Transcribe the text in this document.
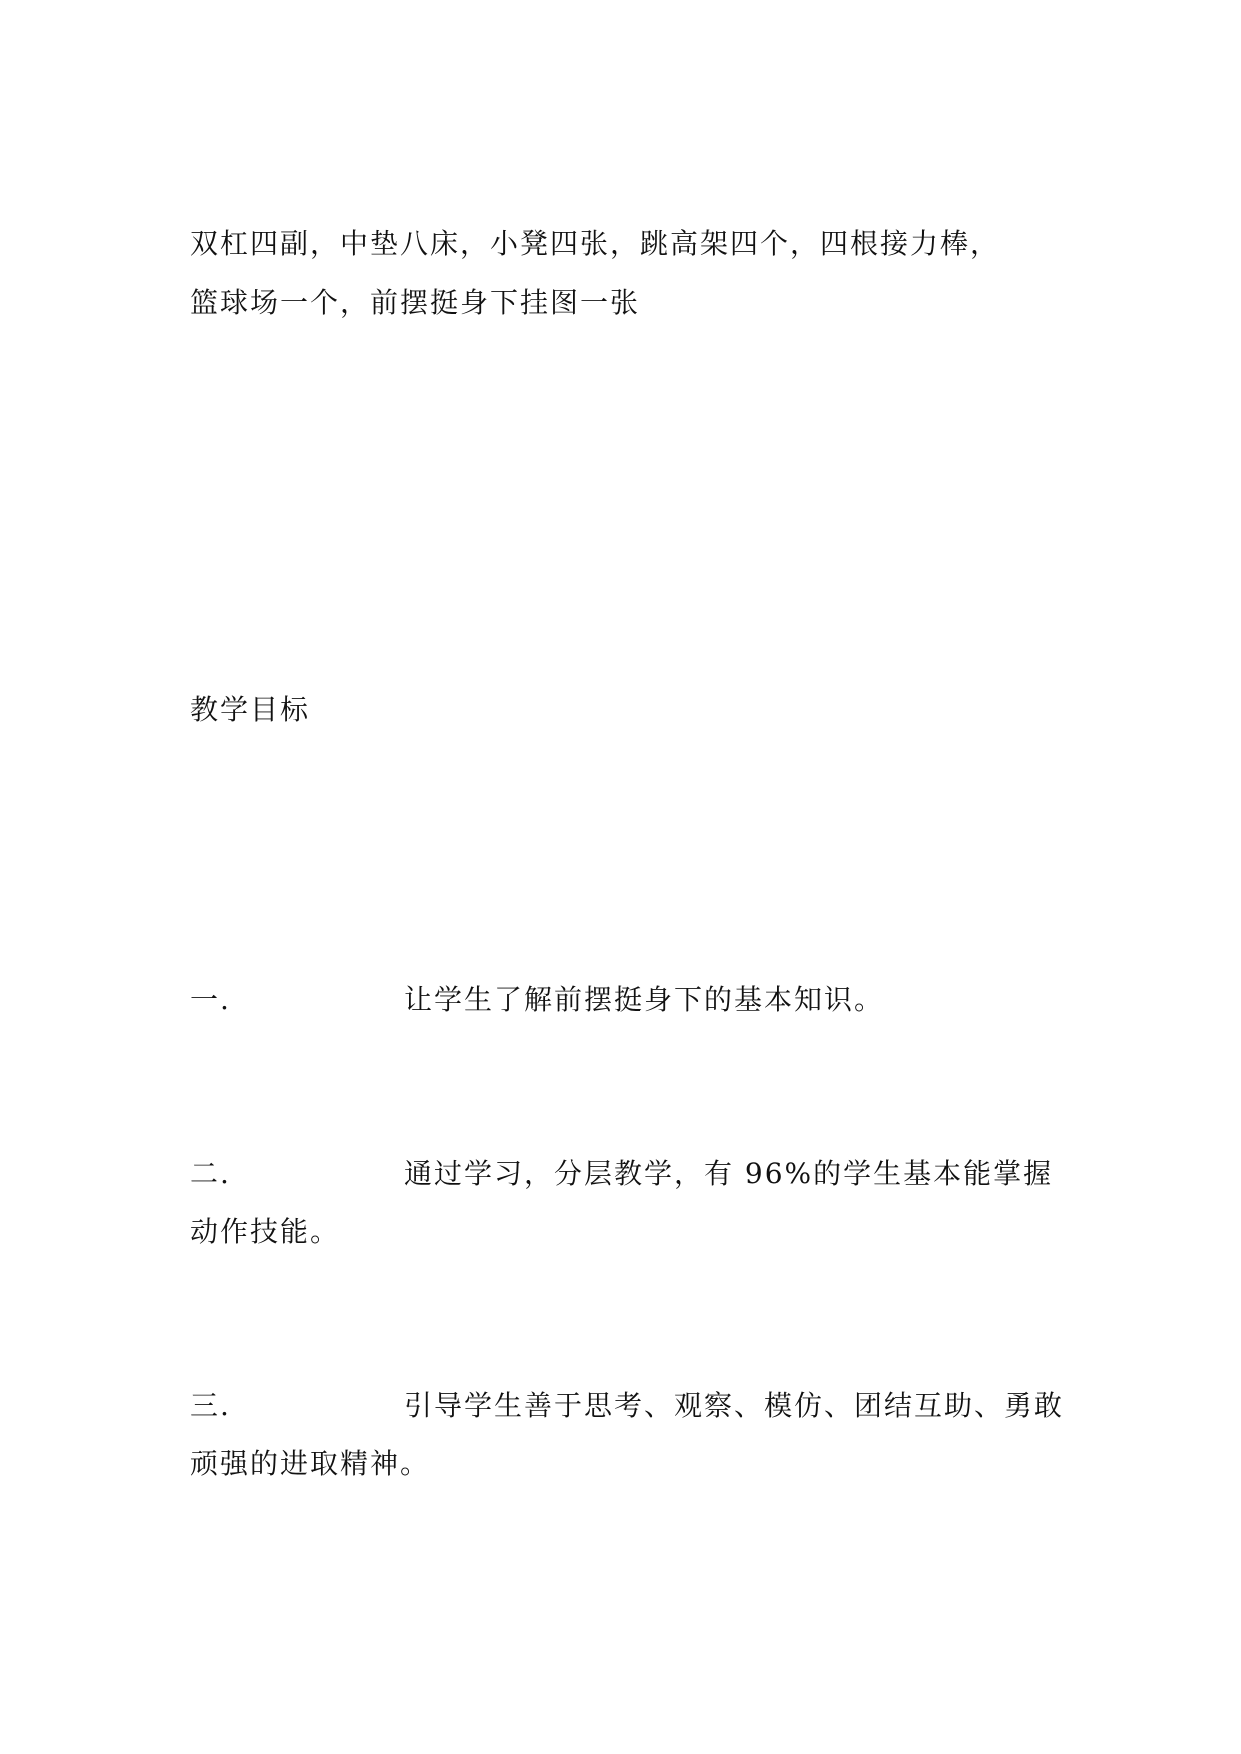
双杠四副，中垫八床，小凳四张，跳高架四个，四根接力棒，
篮球场一个，前摆挺身下挂图一张
教学目标
一.	让学生了解前摆挺身下的基本知识。
二.	通过学习，分层教学，有 96%的学生基本能掌握动作技能。
三.	引导学生善于思考、观察、模仿、团结互助、勇敢顽强的进取精神。
